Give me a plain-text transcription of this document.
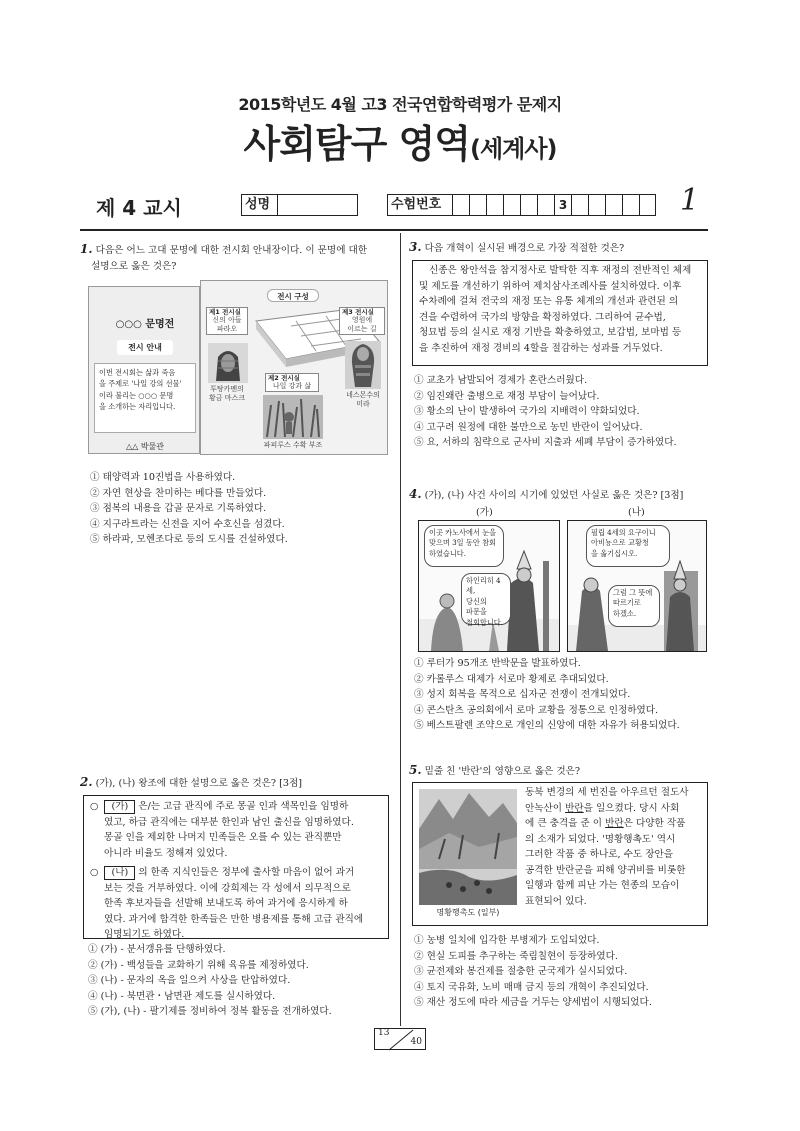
2015학년도 4월 고3 전국연합학력평가 문제지
사회탐구 영역(세계사)
제 4 교시	성명	수험번호	3	1
1. 다음은 어느 고대 문명에 대한 전시회 안내장이다. 이 문명에 대한
설명으로 옳은 것은?
○○○ 문명전
전시 안내
이번 전시회는 삶과 죽음
을 주제로 '나일 강의 선물'
이라 불리는 ○○○ 문명
을 소개하는 자리입니다.
△△ 박물관
전시 구성
제1 전시실
신의 아들
파라오
투탕카멘의
황금 마스크
제3 전시실
영원에
이르는 길
네스몬수의
미라
제2 전시실
나일 강과 삶
파피루스 수확 부조
① 태양력과 10진법을 사용하였다.
② 자연 현상을 찬미하는 베다를 만들었다.
③ 점복의 내용을 갑골 문자로 기록하였다.
④ 지구라트라는 신전을 지어 수호신을 섬겼다.
⑤ 하라파, 모헨조다로 등의 도시를 건설하였다.
2. (가), (나) 왕조에 대한 설명으로 옳은 것은? [3점]
○  (가) 은/는 고급 관직에 주로 몽골 인과 색목인을 임명하
였고, 하급 관직에는 대부분 한인과 남인 출신을 임명하였다.
몽골 인을 제외한 나머지 민족들은 오를 수 있는 관직뿐만
아니라 비율도 정해져 있었다.
○  (나) 의 한족 지식인들은 정부에 출사할 마음이 없어 과거
보는 것을 거부하였다. 이에 강희제는 각 성에서 의무적으로
한족 후보자들을 선발해 보내도록 하여 과거에 응시하게 하
였다. 과거에 합격한 한족들은 만한 병용제를 통해 고급 관직에
임명되기도 하였다.
① (가) - 분서갱유를 단행하였다.
② (가) - 백성들을 교화하기 위해 육유를 제정하였다.
③ (나) - 문자의 옥을 일으켜 사상을 탄압하였다.
④ (나) - 북면관・남면관 제도를 실시하였다.
⑤ (가), (나) - 팔기제를 정비하여 정복 활동을 전개하였다.
3. 다음 개혁이 실시된 배경으로 가장 적절한 것은?
신종은 왕안석을 참지정사로 발탁한 직후 재정의 전반적인 체제
및 제도를 개선하기 위하여 제치삼사조례사를 설치하였다. 이후
수차례에 걸쳐 전국의 재정 또는 유통 체계의 개선과 관련된 의
견을 수렴하여 국가의 방향을 확정하였다. 그리하여 균수법,
청묘법 등의 실시로 재정 기반을 확충하였고, 보갑법, 보마법 등
을 추진하여 재정 경비의 4할을 절감하는 성과를 거두었다.
① 교초가 남발되어 경제가 혼란스러웠다.
② 임진왜란 출병으로 재정 부담이 늘어났다.
③ 황소의 난이 발생하여 국가의 지배력이 약화되었다.
④ 고구려 원정에 대한 불만으로 농민 반란이 일어났다.
⑤ 요, 서하의 침략으로 군사비 지출과 세폐 부담이 증가하였다.
4. (가), (나) 사건 사이의 시기에 있었던 사실로 옳은 것은? [3점]
(가)	(나)
이곳 카노사에서 눈을
맞으며 3일 동안 참회
하였습니다.
하인리히 4세,
당신의
파문을
철회합니다.
필립 4세의 요구이니
아비뇽으로 교황청
을 옮기십시오.
그럼 그 뜻에
따르기로
하겠소.
① 루터가 95개조 반박문을 발표하였다.
② 카롤루스 대제가 서로마 황제로 추대되었다.
③ 성지 회복을 목적으로 십자군 전쟁이 전개되었다.
④ 콘스탄츠 공의회에서 로마 교황을 정통으로 인정하였다.
⑤ 베스트팔렌 조약으로 개인의 신앙에 대한 자유가 허용되었다.
5. 밑줄 친 '반란'의 영향으로 옳은 것은?
명황행촉도 (일부)
동북 변경의 세 번진을 아우르던 절도사
안녹산이 반란을 일으켰다. 당시 사회
에 큰 충격을 준 이 반란은 다양한 작품
의 소재가 되었다. '명황행촉도' 역시
그러한 작품 중 하나로, 수도 장안을
공격한 반란군을 피해 양귀비를 비롯한
일행과 함께 피난 가는 현종의 모습이
표현되어 있다.
① 농병 일치에 입각한 부병제가 도입되었다.
② 현실 도피를 추구하는 죽림칠현이 등장하였다.
③ 균전제와 봉건제를 절충한 군국제가 실시되었다.
④ 토지 국유화, 노비 매매 금지 등의 개혁이 추진되었다.
⑤ 재산 정도에 따라 세금을 거두는 양세법이 시행되었다.
13
40
